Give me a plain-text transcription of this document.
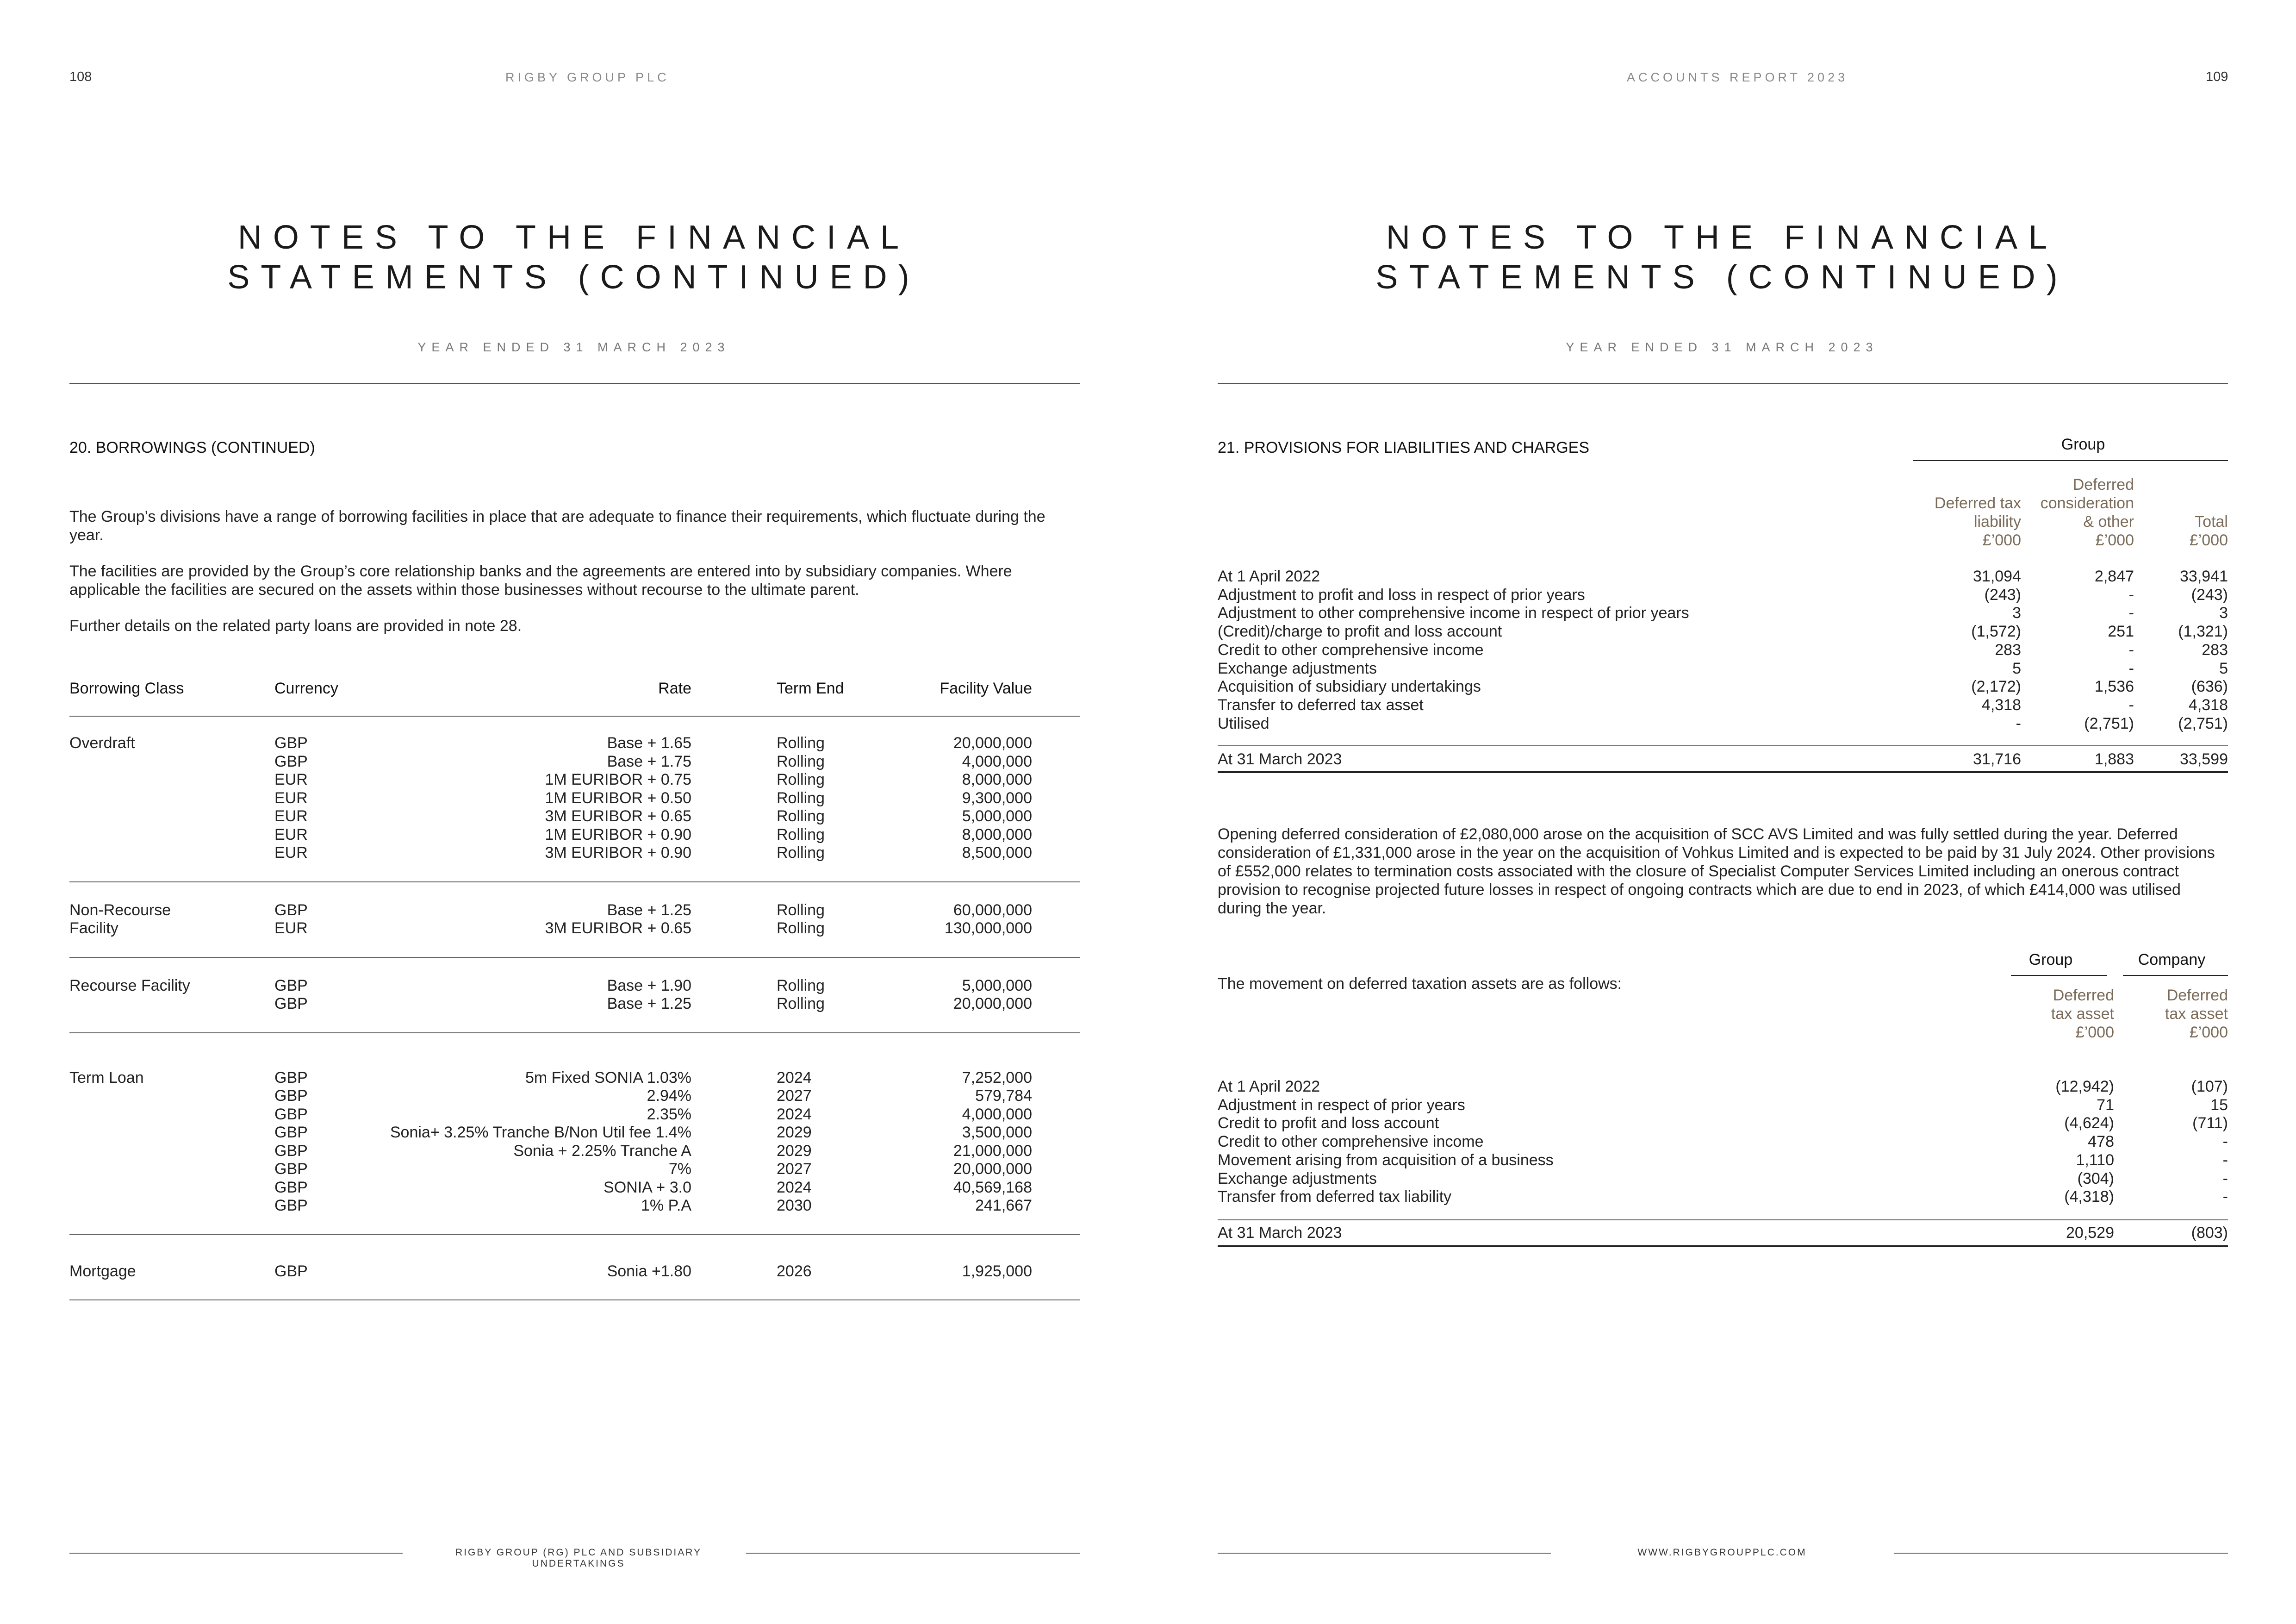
108	RIGBY GROUP PLC
NOTES TO THE FINANCIAL
STATEMENTS (CONTINUED)
YEAR ENDED 31 MARCH 2023
20. BORROWINGS (CONTINUED)
The Group’s divisions have a range of borrowing facilities in place that are adequate to finance their requirements, which fluctuate during the year.
The facilities are provided by the Group’s core relationship banks and the agreements are entered into by subsidiary companies. Where applicable the facilities are secured on the assets within those businesses without recourse to the ultimate parent.
Further details on the related party loans are provided in note 28.
Borrowing Class	Currency	Rate	Term End	Facility Value
Overdraft	GBP	Base + 1.65	Rolling	20,000,000
GBP	Base + 1.75	Rolling	4,000,000
EUR	1M EURIBOR + 0.75	Rolling	8,000,000
EUR	1M EURIBOR + 0.50	Rolling	9,300,000
EUR	3M EURIBOR + 0.65	Rolling	5,000,000
EUR	1M EURIBOR + 0.90	Rolling	8,000,000
EUR	3M EURIBOR + 0.90	Rolling	8,500,000
Non-Recourse
Facility
GBP	Base + 1.25	Rolling	60,000,000
EUR	3M EURIBOR + 0.65	Rolling	130,000,000
Recourse Facility	GBP	Base + 1.90	Rolling	5,000,000
GBP	Base + 1.25	Rolling	20,000,000
Term Loan	GBP	5m Fixed SONIA 1.03%	2024	7,252,000
GBP	2.94%	2027	579,784
GBP	2.35%	2024	4,000,000
GBP	Sonia+ 3.25% Tranche B/Non Util fee 1.4%	2029	3,500,000
GBP	Sonia + 2.25% Tranche A	2029	21,000,000
GBP	7%	2027	20,000,000
GBP	SONIA + 3.0	2024	40,569,168
GBP	1% P.A	2030	241,667
Mortgage	GBP	Sonia +1.80	2026	1,925,000
RIGBY GROUP (RG) PLC AND SUBSIDIARY UNDERTAKINGS
ACCOUNTS REPORT 2023	109
NOTES TO THE FINANCIAL
STATEMENTS (CONTINUED)
YEAR ENDED 31 MARCH 2023
21. PROVISIONS FOR LIABILITIES AND CHARGES	Group
Deferred tax
liability
£’000
Deferred
consideration
& other
£’000
Total
£’000
At 1 April 2022	31,094	2,847	33,941
Adjustment to profit and loss in respect of prior years	(243)	-	(243)
Adjustment to other comprehensive income in respect of prior years	3	-	3
(Credit)/charge to profit and loss account	(1,572)	251	(1,321)
Credit to other comprehensive income	283	-	283
Exchange adjustments	5	-	5
Acquisition of subsidiary undertakings	(2,172)	1,536	(636)
Transfer to deferred tax asset	4,318	-	4,318
Utilised	-	(2,751)	(2,751)
At 31 March 2023	31,716	1,883	33,599
Opening deferred consideration of £2,080,000 arose on the acquisition of SCC AVS Limited and was fully settled during the year. Deferred consideration of £1,331,000 arose in the year on the acquisition of Vohkus Limited and is expected to be paid by 31 July 2024. Other provisions of £552,000 relates to termination costs associated with the closure of Specialist Computer Services Limited including an onerous contract provision to recognise projected future losses in respect of ongoing contracts which are due to end in 2023, of which £414,000 was utilised during the year.
Group	Company
The movement on deferred taxation assets are as follows:
Deferred
tax asset
£’000
Deferred
tax asset
£’000
At 1 April 2022	(12,942)	(107)
Adjustment in respect of prior years	71	15
Credit to profit and loss account	(4,624)	(711)
Credit to other comprehensive income	478	-
Movement arising from acquisition of a business	1,110	-
Exchange adjustments	(304)	-
Transfer from deferred tax liability	(4,318)	-
At 31 March 2023	20,529	(803)
WWW.RIGBYGROUPPLC.COM
